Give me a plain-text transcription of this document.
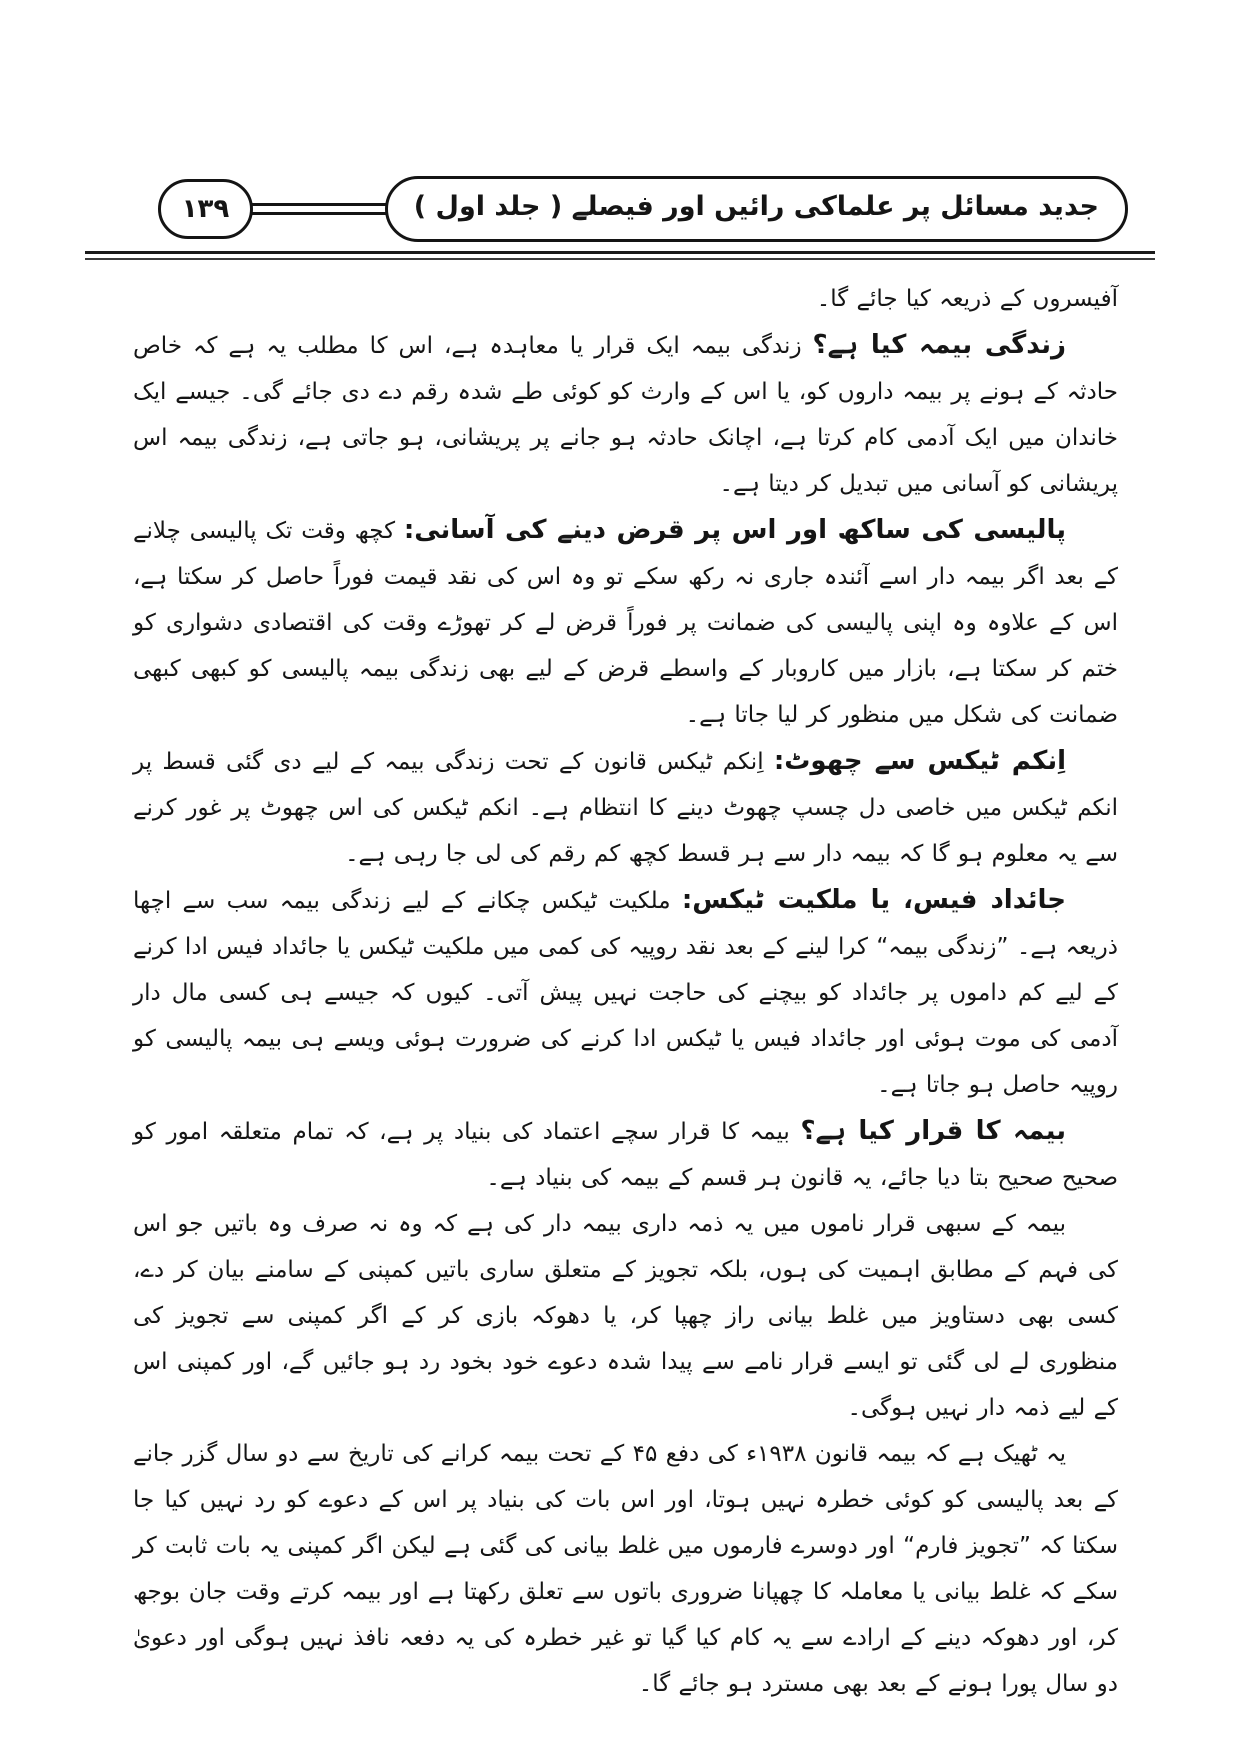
۱۳۹	جدید مسائل پر علماکی رائیں اور فیصلے ( جلد اول )

آفیسروں کے ذریعہ کیا جائے گا۔

زندگی بیمہ کیا ہے؟ زندگی بیمہ ایک قرار یا معاہدہ ہے، اس کا مطلب یہ ہے کہ خاص حادثہ کے ہونے پر بیمہ داروں کو، یا اس کے وارث کو کوئی طے شدہ رقم دے دی جائے گی۔ جیسے ایک خاندان میں ایک آدمی کام کرتا ہے، اچانک حادثہ ہو جانے پر پریشانی، ہو جاتی ہے، زندگی بیمہ اس پریشانی کو آسانی میں تبدیل کر دیتا ہے۔

پالیسی کی ساکھ اور اس پر قرض دینے کی آسانی: کچھ وقت تک پالیسی چلانے کے بعد اگر بیمہ دار اسے آئندہ جاری نہ رکھ سکے تو وہ اس کی نقد قیمت فوراً حاصل کر سکتا ہے، اس کے علاوہ وہ اپنی پالیسی کی ضمانت پر فوراً قرض لے کر تھوڑے وقت کی اقتصادی دشواری کو ختم کر سکتا ہے، بازار میں کاروبار کے واسطے قرض کے لیے بھی زندگی بیمہ پالیسی کو کبھی کبھی ضمانت کی شکل میں منظور کر لیا جاتا ہے۔

اِنکم ٹیکس سے چھوٹ: اِنکم ٹیکس قانون کے تحت زندگی بیمہ کے لیے دی گئی قسط پر انکم ٹیکس میں خاصی دل چسپ چھوٹ دینے کا انتظام ہے۔ انکم ٹیکس کی اس چھوٹ پر غور کرنے سے یہ معلوم ہو گا کہ بیمہ دار سے ہر قسط کچھ کم رقم کی لی جا رہی ہے۔

جائداد فیس، یا ملکیت ٹیکس: ملکیت ٹیکس چکانے کے لیے زندگی بیمہ سب سے اچھا ذریعہ ہے۔ ”زندگی بیمہ“ کرا لینے کے بعد نقد روپیہ کی کمی میں ملکیت ٹیکس یا جائداد فیس ادا کرنے کے لیے کم داموں پر جائداد کو بیچنے کی حاجت نہیں پیش آتی۔ کیوں کہ جیسے ہی کسی مال دار آدمی کی موت ہوئی اور جائداد فیس یا ٹیکس ادا کرنے کی ضرورت ہوئی ویسے ہی بیمہ پالیسی کو روپیہ حاصل ہو جاتا ہے۔

بیمہ کا قرار کیا ہے؟ بیمہ کا قرار سچے اعتماد کی بنیاد پر ہے، کہ تمام متعلقہ امور کو صحیح صحیح بتا دیا جائے، یہ قانون ہر قسم کے بیمہ کی بنیاد ہے۔

بیمہ کے سبھی قرار ناموں میں یہ ذمہ داری بیمہ دار کی ہے کہ وہ نہ صرف وہ باتیں جو اس کی فہم کے مطابق اہمیت کی ہوں، بلکہ تجویز کے متعلق ساری باتیں کمپنی کے سامنے بیان کر دے، کسی بھی دستاویز میں غلط بیانی راز چھپا کر، یا دھوکہ بازی کر کے اگر کمپنی سے تجویز کی منظوری لے لی گئی تو ایسے قرار نامے سے پیدا شدہ دعوے خود بخود رد ہو جائیں گے، اور کمپنی اس کے لیے ذمہ دار نہیں ہوگی۔

یہ ٹھیک ہے کہ بیمہ قانون ۱۹۳۸ء کی دفع ۴۵ کے تحت بیمہ کرانے کی تاریخ سے دو سال گزر جانے کے بعد پالیسی کو کوئی خطرہ نہیں ہوتا، اور اس بات کی بنیاد پر اس کے دعوے کو رد نہیں کیا جا سکتا کہ ”تجویز فارم“ اور دوسرے فارموں میں غلط بیانی کی گئی ہے لیکن اگر کمپنی یہ بات ثابت کر سکے کہ غلط بیانی یا معاملہ کا چھپانا ضروری باتوں سے تعلق رکھتا ہے اور بیمہ کرتے وقت جان بوجھ کر، اور دھوکہ دینے کے ارادے سے یہ کام کیا گیا تو غیر خطرہ کی یہ دفعہ نافذ نہیں ہوگی اور دعویٰ دو سال پورا ہونے کے بعد بھی مسترد ہو جائے گا۔
